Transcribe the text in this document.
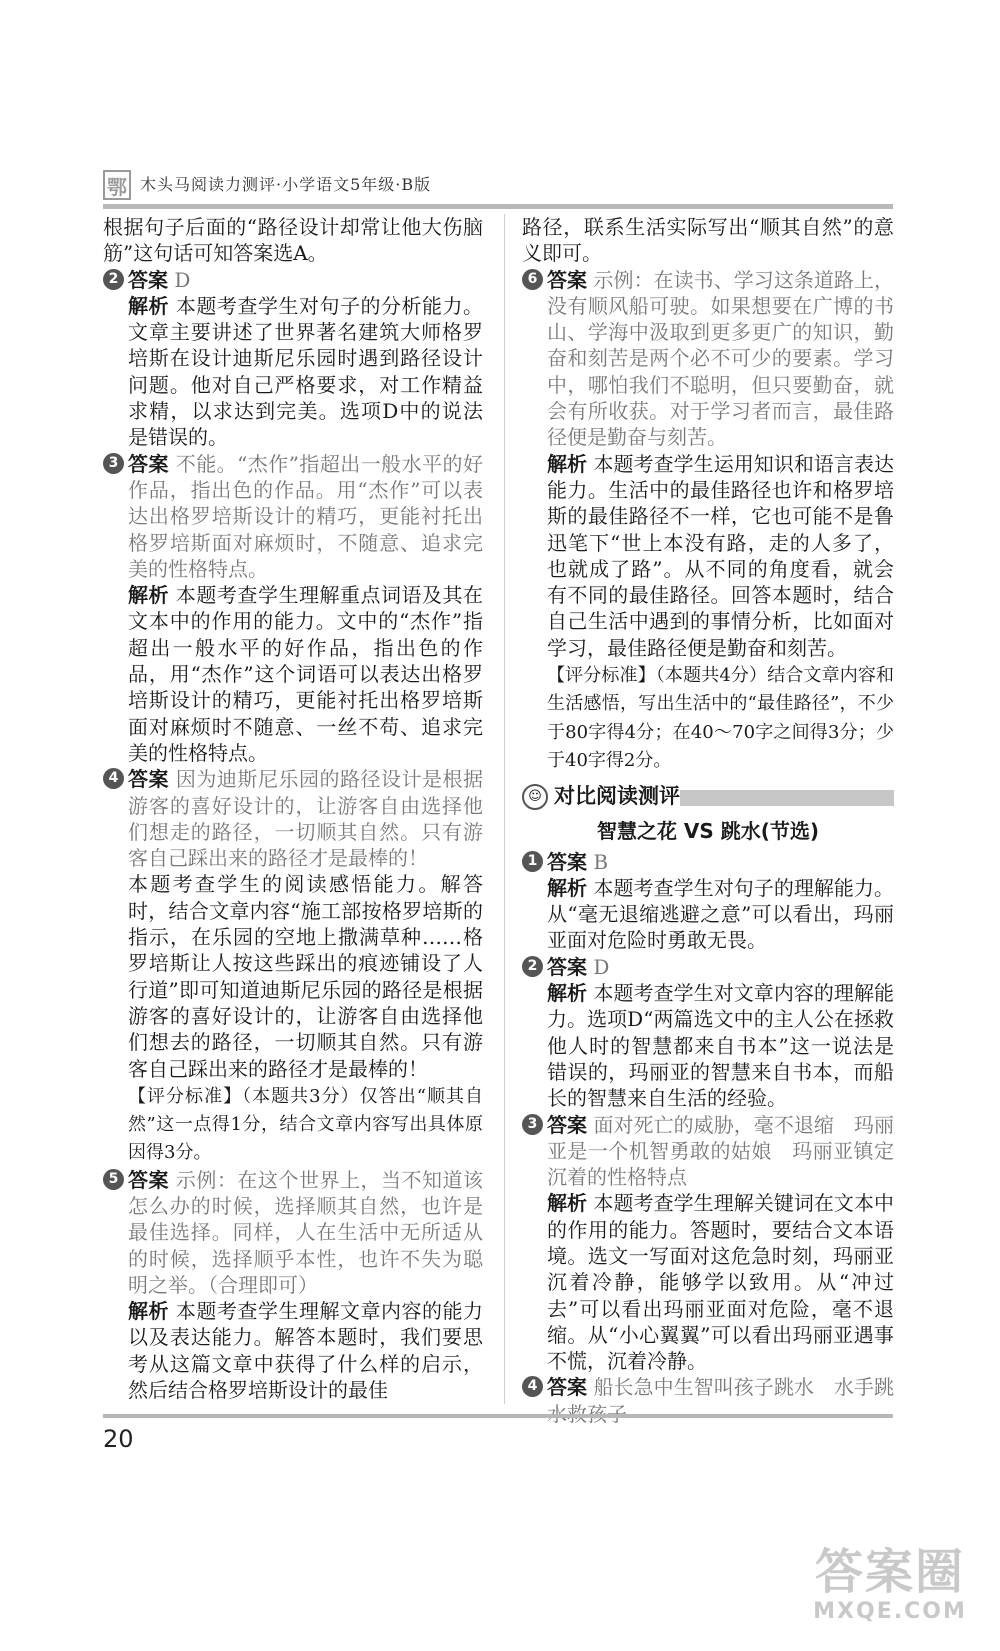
鄂 木头马阅读力测评·小学语文5年级·B版
根据句子后面的“路径设计却常让他大伤脑筋”这句话可知答案选A。
2 答案 D
解析 本题考查学生对句子的分析能力。文章主要讲述了世界著名建筑大师格罗培斯在设计迪斯尼乐园时遇到路径设计问题。他对自己严格要求，对工作精益求精，以求达到完美。选项D中的说法是错误的。
3 答案 不能。“杰作”指超出一般水平的好作品，指出色的作品。用“杰作”可以表达出格罗培斯设计的精巧，更能衬托出格罗培斯面对麻烦时，不随意、追求完美的性格特点。
解析 本题考查学生理解重点词语及其在文本中的作用的能力。文中的“杰作”指超出一般水平的好作品，指出色的作品，用“杰作”这个词语可以表达出格罗培斯设计的精巧，更能衬托出格罗培斯面对麻烦时不随意、一丝不苟、追求完美的性格特点。
4 答案 因为迪斯尼乐园的路径设计是根据游客的喜好设计的，让游客自由选择他们想走的路径，一切顺其自然。只有游客自己踩出来的路径才是最棒的！
本题考查学生的阅读感悟能力。解答时，结合文章内容“施工部按格罗培斯的指示，在乐园的空地上撒满草种……格罗培斯让人按这些踩出的痕迹铺设了人行道”即可知道迪斯尼乐园的路径是根据游客的喜好设计的，让游客自由选择他们想去的路径，一切顺其自然。只有游客自己踩出来的路径才是最棒的！
【评分标准】（本题共3分）仅答出“顺其自然”这一点得1分，结合文章内容写出具体原因得3分。
5 答案 示例：在这个世界上，当不知道该怎么办的时候，选择顺其自然，也许是最佳选择。同样，人在生活中无所适从的时候，选择顺乎本性，也许不失为聪明之举。（合理即可）
解析 本题考查学生理解文章内容的能力以及表达能力。解答本题时，我们要思考从这篇文章中获得了什么样的启示，然后结合格罗培斯设计的最佳
路径，联系生活实际写出“顺其自然”的意义即可。
6 答案 示例：在读书、学习这条道路上，没有顺风船可驶。如果想要在广博的书山、学海中汲取到更多更广的知识，勤奋和刻苦是两个必不可少的要素。学习中，哪怕我们不聪明，但只要勤奋，就会有所收获。对于学习者而言，最佳路径便是勤奋与刻苦。
解析 本题考查学生运用知识和语言表达能力。生活中的最佳路径也许和格罗培斯的最佳路径不一样，它也可能不是鲁迅笔下“世上本没有路，走的人多了，也就成了路”。从不同的角度看，就会有不同的最佳路径。回答本题时，结合自己生活中遇到的事情分析，比如面对学习，最佳路径便是勤奋和刻苦。
【评分标准】（本题共4分）结合文章内容和生活感悟，写出生活中的“最佳路径”，不少于80字得4分；在40～70字之间得3分；少于40字得2分。
☺ 对比阅读测评
智慧之花 VS 跳水(节选)
1 答案 B
解析 本题考查学生对句子的理解能力。从“毫无退缩逃避之意”可以看出，玛丽亚面对危险时勇敢无畏。
2 答案 D
解析 本题考查学生对文章内容的理解能力。选项D“两篇选文中的主人公在拯救他人时的智慧都来自书本”这一说法是错误的，玛丽亚的智慧来自书本，而船长的智慧来自生活的经验。
3 答案 面对死亡的威胁，毫不退缩　玛丽亚是一个机智勇敢的姑娘　玛丽亚镇定沉着的性格特点
解析 本题考查学生理解关键词在文本中的作用的能力。答题时，要结合文本语境。选文一写面对这危急时刻，玛丽亚沉着冷静，能够学以致用。从“冲过去”可以看出玛丽亚面对危险，毫不退缩。从“小心翼翼”可以看出玛丽亚遇事不慌，沉着冷静。
4 答案 船长急中生智叫孩子跳水　水手跳
20
答案圈
MXQE.COM
